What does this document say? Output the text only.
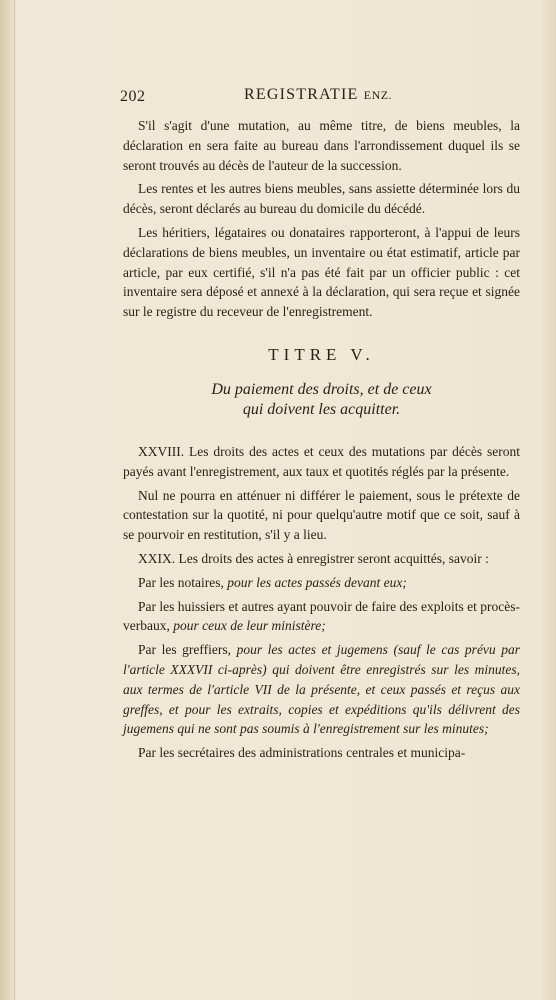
202	REGISTRATIE ENZ.

S'il s'agit d'une mutation, au même titre, de biens meubles, la déclaration en sera faite au bureau dans l'arrondissement duquel ils se seront trouvés au décès de l'auteur de la succession.

Les rentes et les autres biens meubles, sans assiette déterminée lors du décès, seront déclarés au bureau du domicile du décédé.

Les héritiers, légataires ou donataires rapporteront, à l'appui de leurs déclarations de biens meubles, un inventaire ou état estimatif, article par article, par eux certifié, s'il n'a pas été fait par un officier public : cet inventaire sera déposé et annexé à la déclaration, qui sera reçue et signée sur le registre du receveur de l'enregistrement.

TITRE V.

Du paiement des droits, et de ceux
qui doivent les acquitter.

XXVIII. Les droits des actes et ceux des mutations par décès seront payés avant l'enregistrement, aux taux et quotités réglés par la présente.

Nul ne pourra en atténuer ni différer le paiement, sous le prétexte de contestation sur la quotité, ni pour quelqu'autre motif que ce soit, sauf à se pourvoir en restitution, s'il y a lieu.

XXIX. Les droits des actes à enregistrer seront acquittés, savoir :

Par les notaires, pour les actes passés devant eux;

Par les huissiers et autres ayant pouvoir de faire des exploits et procès-verbaux, pour ceux de leur ministère;

Par les greffiers, pour les actes et jugemens (sauf le cas prévu par l'article XXXVII ci-après) qui doivent être enregistrés sur les minutes, aux termes de l'article VII de la présente, et ceux passés et reçus aux greffes, et pour les extraits, copies et expéditions qu'ils délivrent des jugemens qui ne sont pas soumis à l'enregistrement sur les minutes;

Par les secrétaires des administrations centrales et municipa-
